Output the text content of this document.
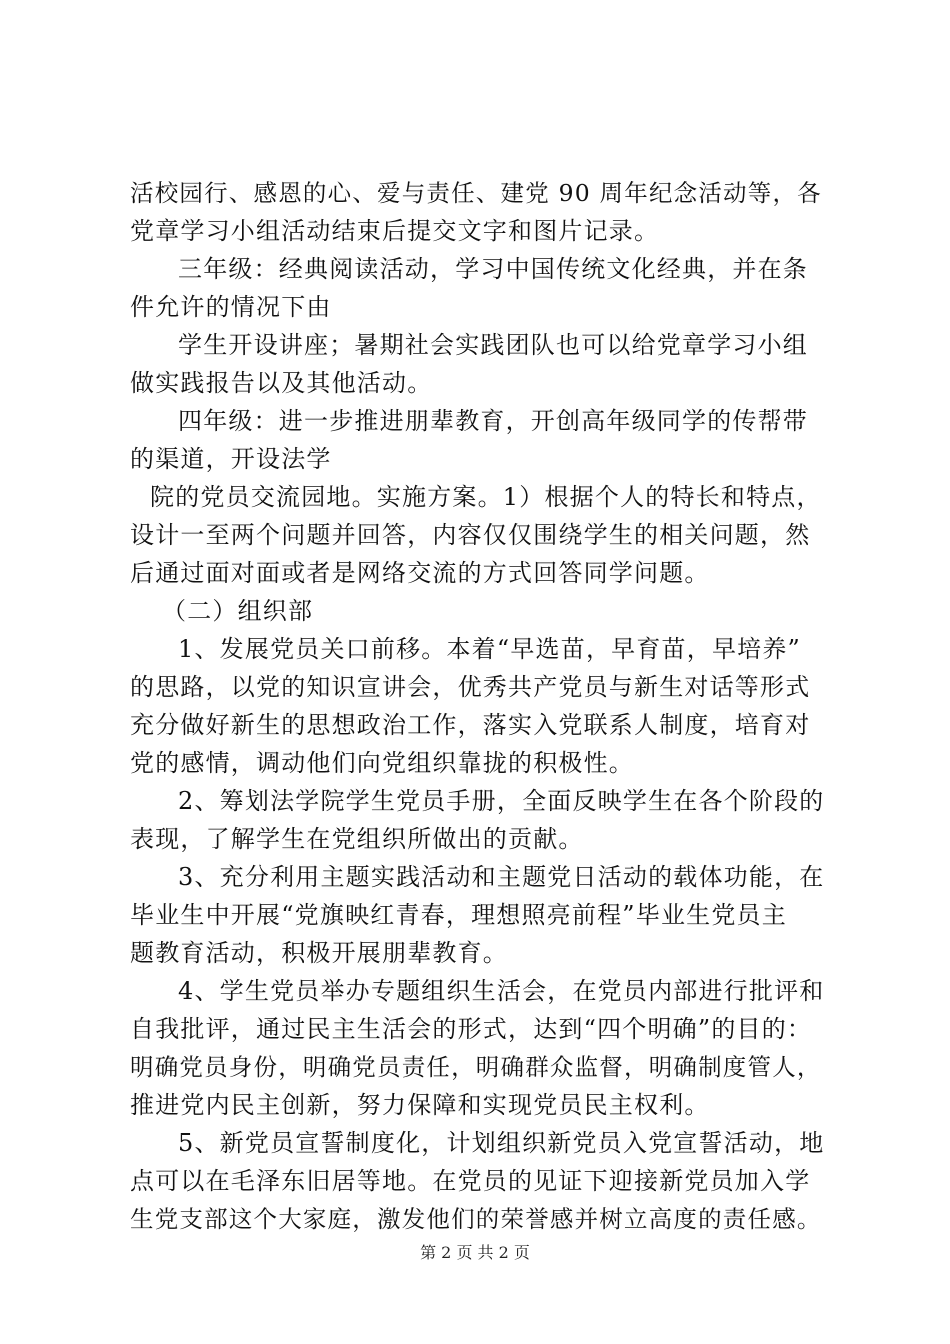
活校园行、感恩的心、爱与责任、建党 90 周年纪念活动等，各
党章学习小组活动结束后提交文字和图片记录。
三年级：经典阅读活动，学习中国传统文化经典，并在条
件允许的情况下由
学生开设讲座；暑期社会实践团队也可以给党章学习小组
做实践报告以及其他活动。
四年级：进一步推进朋辈教育，开创高年级同学的传帮带
的渠道，开设法学
院的党员交流园地。实施方案。1）根据个人的特长和特点，
设计一至两个问题并回答，内容仅仅围绕学生的相关问题，然
后通过面对面或者是网络交流的方式回答同学问题。
（二）组织部
1、发展党员关口前移。本着“早选苗，早育苗，早培养”
的思路，以党的知识宣讲会，优秀共产党员与新生对话等形式
充分做好新生的思想政治工作，落实入党联系人制度，培育对
党的感情，调动他们向党组织靠拢的积极性。
2、筹划法学院学生党员手册，全面反映学生在各个阶段的
表现，了解学生在党组织所做出的贡献。
3、充分利用主题实践活动和主题党日活动的载体功能，在
毕业生中开展“党旗映红青春，理想照亮前程”毕业生党员主
题教育活动，积极开展朋辈教育。
4、学生党员举办专题组织生活会，在党员内部进行批评和
自我批评，通过民主生活会的形式，达到“四个明确”的目的：
明确党员身份，明确党员责任，明确群众监督，明确制度管人，
推进党内民主创新，努力保障和实现党员民主权利。
5、新党员宣誓制度化，计划组织新党员入党宣誓活动，地
点可以在毛泽东旧居等地。在党员的见证下迎接新党员加入学
生党支部这个大家庭，激发他们的荣誉感并树立高度的责任感。
第 2 页 共 2 页
